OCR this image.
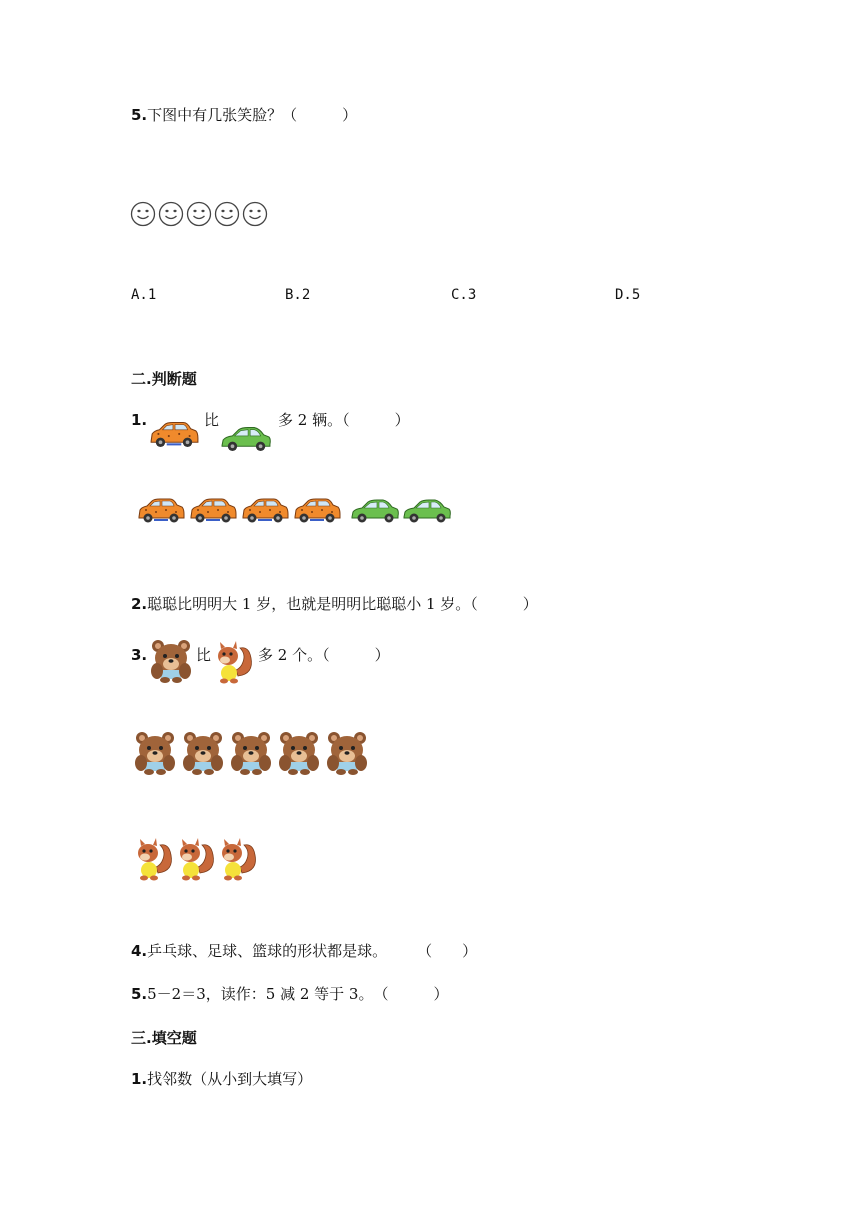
5.下图中有几张笑脸？（　　　）
A.1	B.2	C.3	D.5
二.判断题
1.	比	多 2 辆。（　　　）
2.聪聪比明明大 1 岁，也就是明明比聪聪小 1 岁。（　　　）
3.	比	多 2 个。（　　　）
4.乒乓球、足球、篮球的形状都是球。　　　（　　）
5.5－2＝3，读作：5 减 2 等于 3。　（　　　）
三.填空题
1.找邻数（从小到大填写）
